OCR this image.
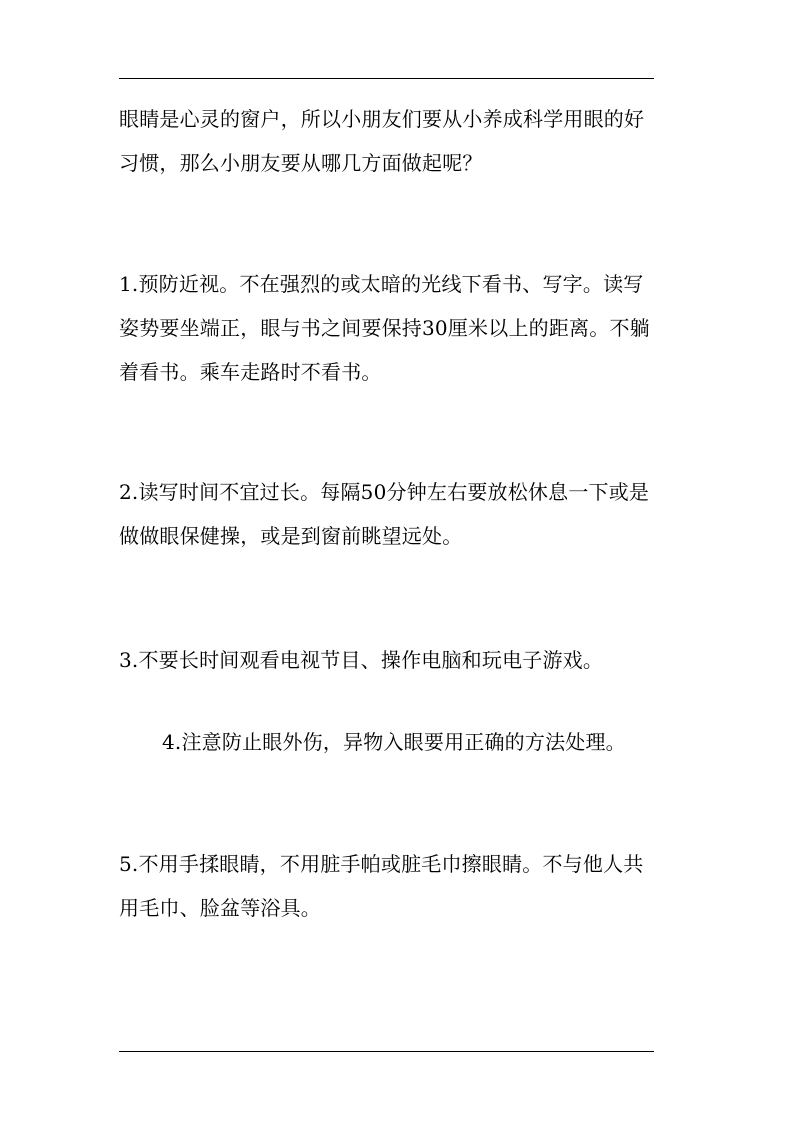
眼睛是心灵的窗户，所以小朋友们要从小养成科学用眼的好习惯，那么小朋友要从哪几方面做起呢？

1.预防近视。不在强烈的或太暗的光线下看书、写字。读写姿势要坐端正，眼与书之间要保持30厘米以上的距离。不躺着看书。乘车走路时不看书。

2.读写时间不宜过长。每隔50分钟左右要放松休息一下或是做做眼保健操，或是到窗前眺望远处。

3.不要长时间观看电视节目、操作电脑和玩电子游戏。

4.注意防止眼外伤，异物入眼要用正确的方法处理。

5.不用手揉眼睛，不用脏手帕或脏毛巾擦眼睛。不与他人共用毛巾、脸盆等浴具。
